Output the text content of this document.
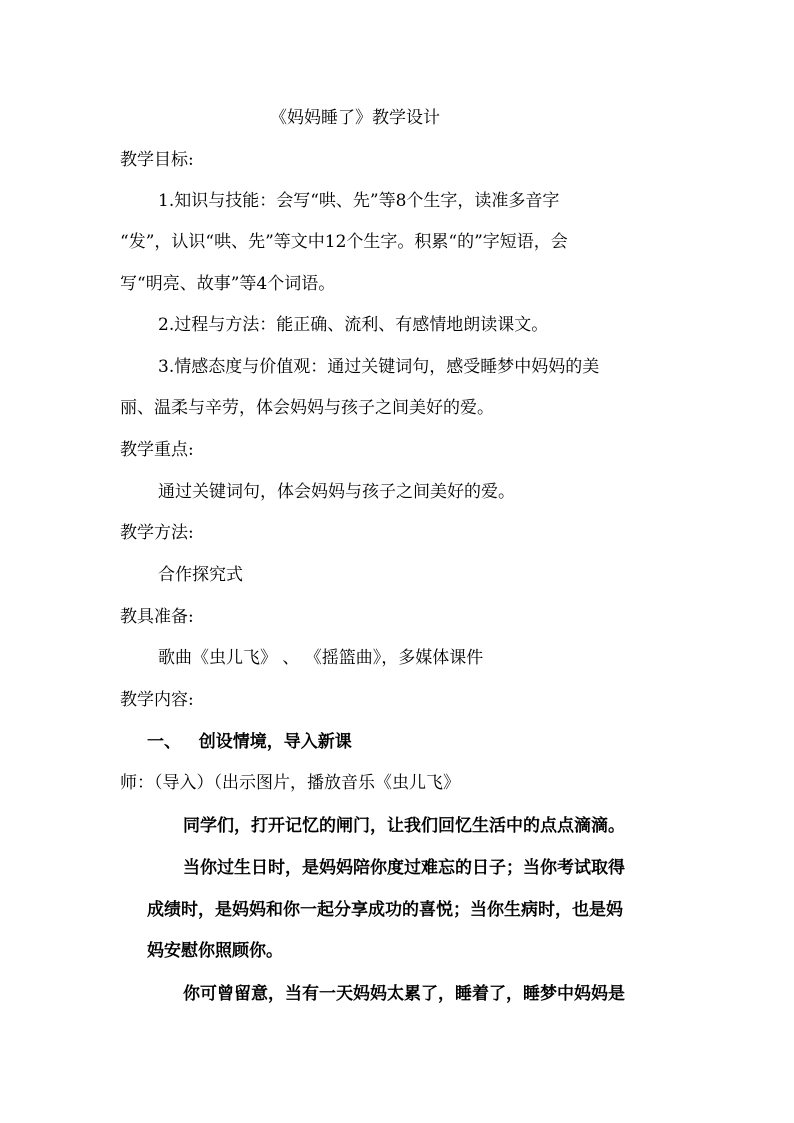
《妈妈睡了》教学设计
教学目标:
1.知识与技能：会写“哄、先”等8个生字，读准多音字
“发”，认识“哄、先”等文中12个生字。积累“的”字短语，会
写“明亮、故事”等4个词语。
2.过程与方法：能正确、流利、有感情地朗读课文。
3.情感态度与价值观：通过关键词句，感受睡梦中妈妈的美
丽、温柔与辛劳，体会妈妈与孩子之间美好的爱。
教学重点:
通过关键词句，体会妈妈与孩子之间美好的爱。
教学方法:
合作探究式
教具准备:
歌曲《虫儿飞》 、 《摇篮曲》，多媒体课件
教学内容:
一、   创设情境，导入新课
师：（导入）（出示图片，播放音乐《虫儿飞》
同学们，打开记忆的闸门，让我们回忆生活中的点点滴滴。
当你过生日时，是妈妈陪你度过难忘的日子；当你考试取得
成绩时，是妈妈和你一起分享成功的喜悦；当你生病时，也是妈
妈安慰你照顾你。
你可曾留意，当有一天妈妈太累了，睡着了，睡梦中妈妈是
